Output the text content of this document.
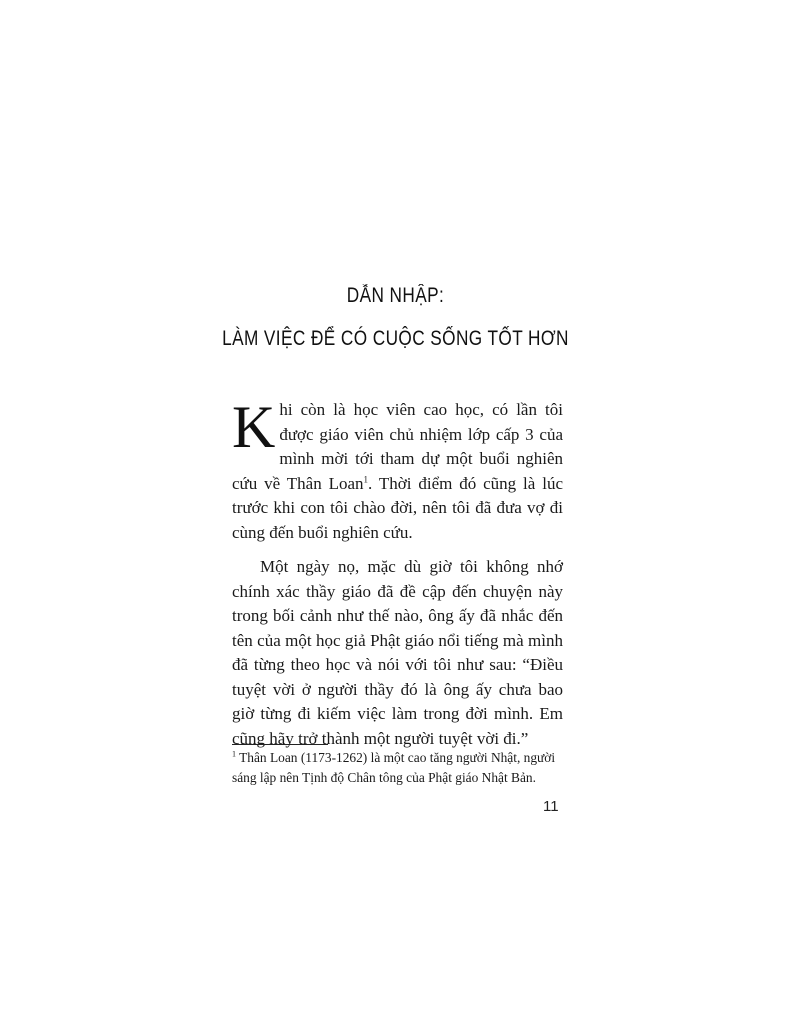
DẪN NHẬP:
LÀM VIỆC ĐỂ CÓ CUỘC SỐNG TỐT HƠN

Khi còn là học viên cao học, có lần tôi được giáo viên chủ nhiệm lớp cấp 3 của mình mời tới tham dự một buổi nghiên cứu về Thân Loan$^1$. Thời điểm đó cũng là lúc trước khi con tôi chào đời, nên tôi đã đưa vợ đi cùng đến buổi nghiên cứu.

Một ngày nọ, mặc dù giờ tôi không nhớ chính xác thầy giáo đã đề cập đến chuyện này trong bối cảnh như thế nào, ông ấy đã nhắc đến tên của một học giả Phật giáo nổi tiếng mà mình đã từng theo học và nói với tôi như sau: “Điều tuyệt vời ở người thầy đó là ông ấy chưa bao giờ từng đi kiếm việc làm trong đời mình. Em cũng hãy trở thành một người tuyệt vời đi.”

$^1$ Thân Loan (1173-1262) là một cao tăng người Nhật, người sáng lập nên Tịnh độ Chân tông của Phật giáo Nhật Bản.
11
